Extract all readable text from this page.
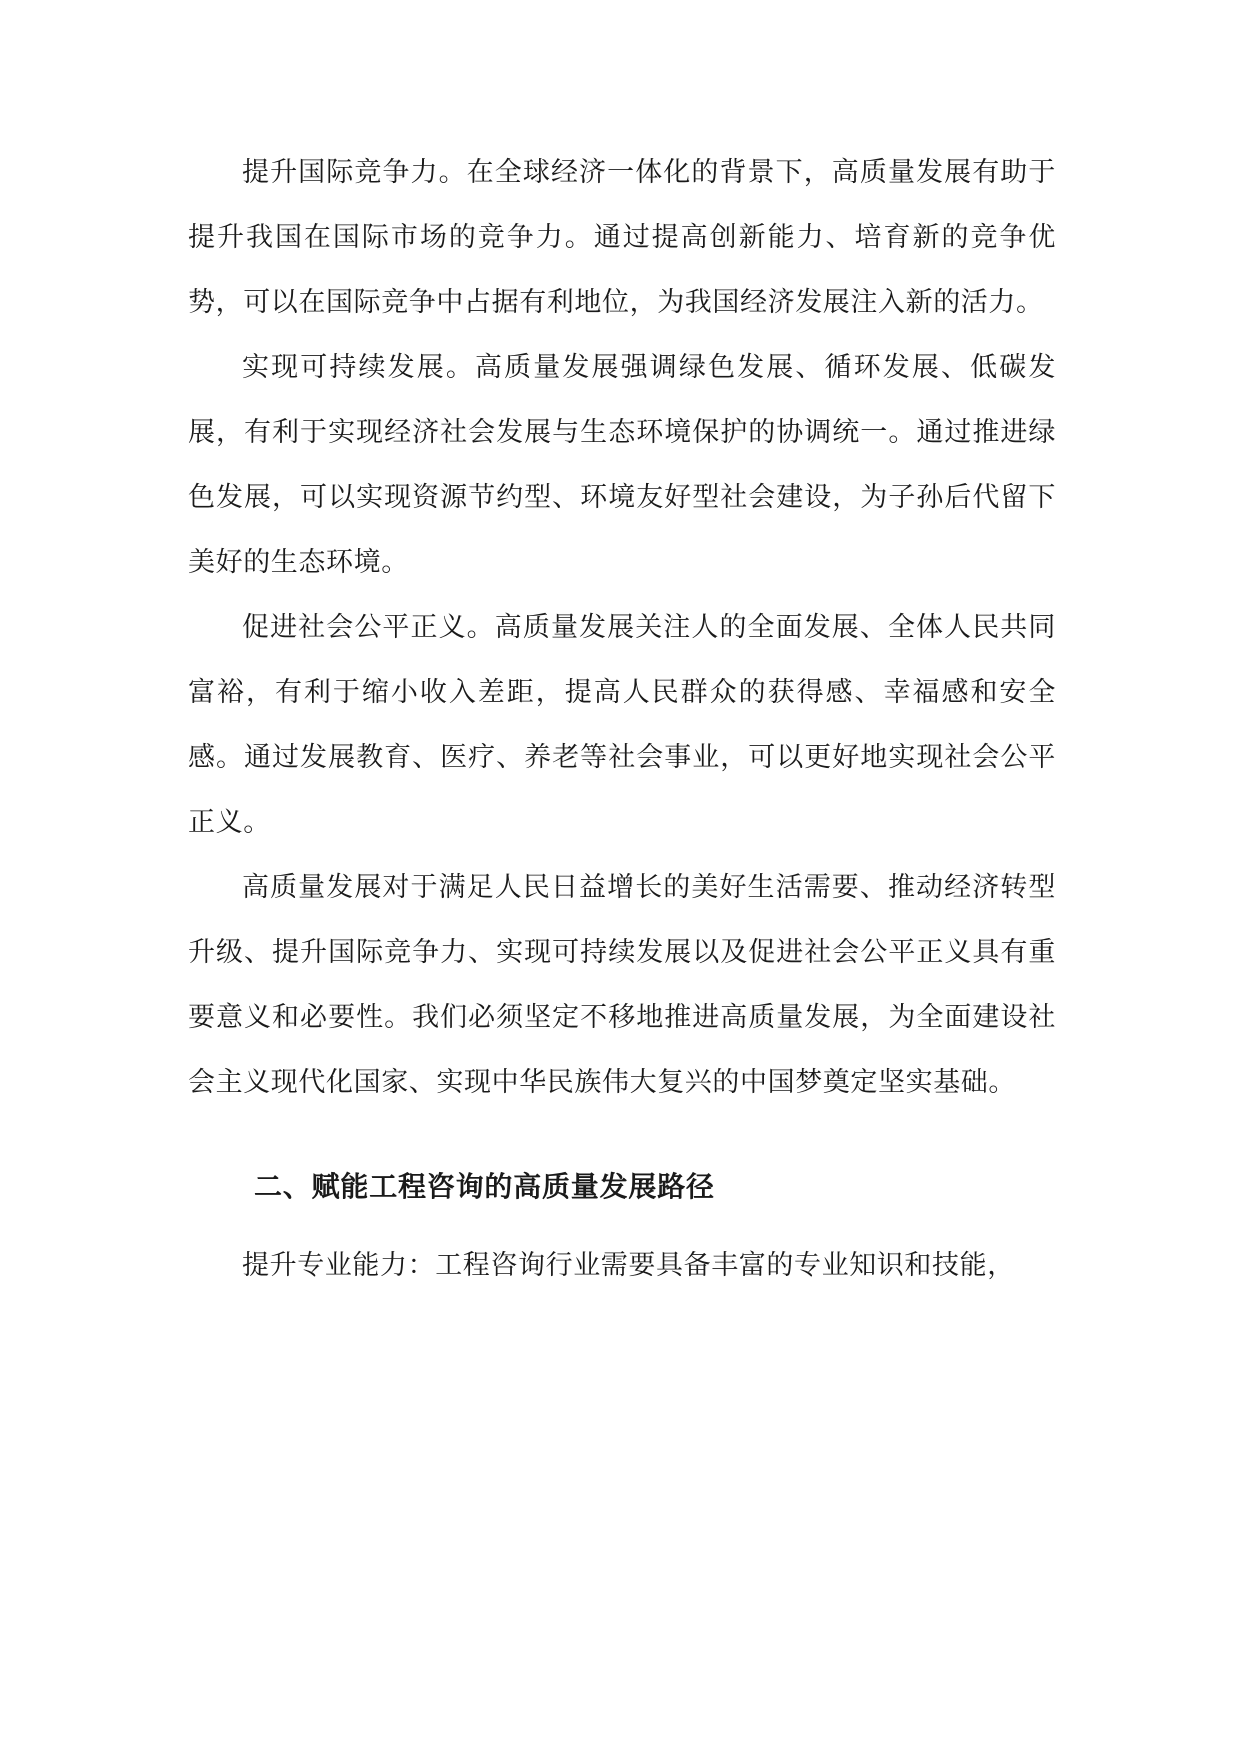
提升国际竞争力。在全球经济一体化的背景下，高质量发展有助于提升我国在国际市场的竞争力。通过提高创新能力、培育新的竞争优势，可以在国际竞争中占据有利地位，为我国经济发展注入新的活力。

实现可持续发展。高质量发展强调绿色发展、循环发展、低碳发展，有利于实现经济社会发展与生态环境保护的协调统一。通过推进绿色发展，可以实现资源节约型、环境友好型社会建设，为子孙后代留下美好的生态环境。

促进社会公平正义。高质量发展关注人的全面发展、全体人民共同富裕，有利于缩小收入差距，提高人民群众的获得感、幸福感和安全感。通过发展教育、医疗、养老等社会事业，可以更好地实现社会公平正义。

高质量发展对于满足人民日益增长的美好生活需要、推动经济转型升级、提升国际竞争力、实现可持续发展以及促进社会公平正义具有重要意义和必要性。我们必须坚定不移地推进高质量发展，为全面建设社会主义现代化国家、实现中华民族伟大复兴的中国梦奠定坚实基础。

二、赋能工程咨询的高质量发展路径

提升专业能力：工程咨询行业需要具备丰富的专业知识和技能，
